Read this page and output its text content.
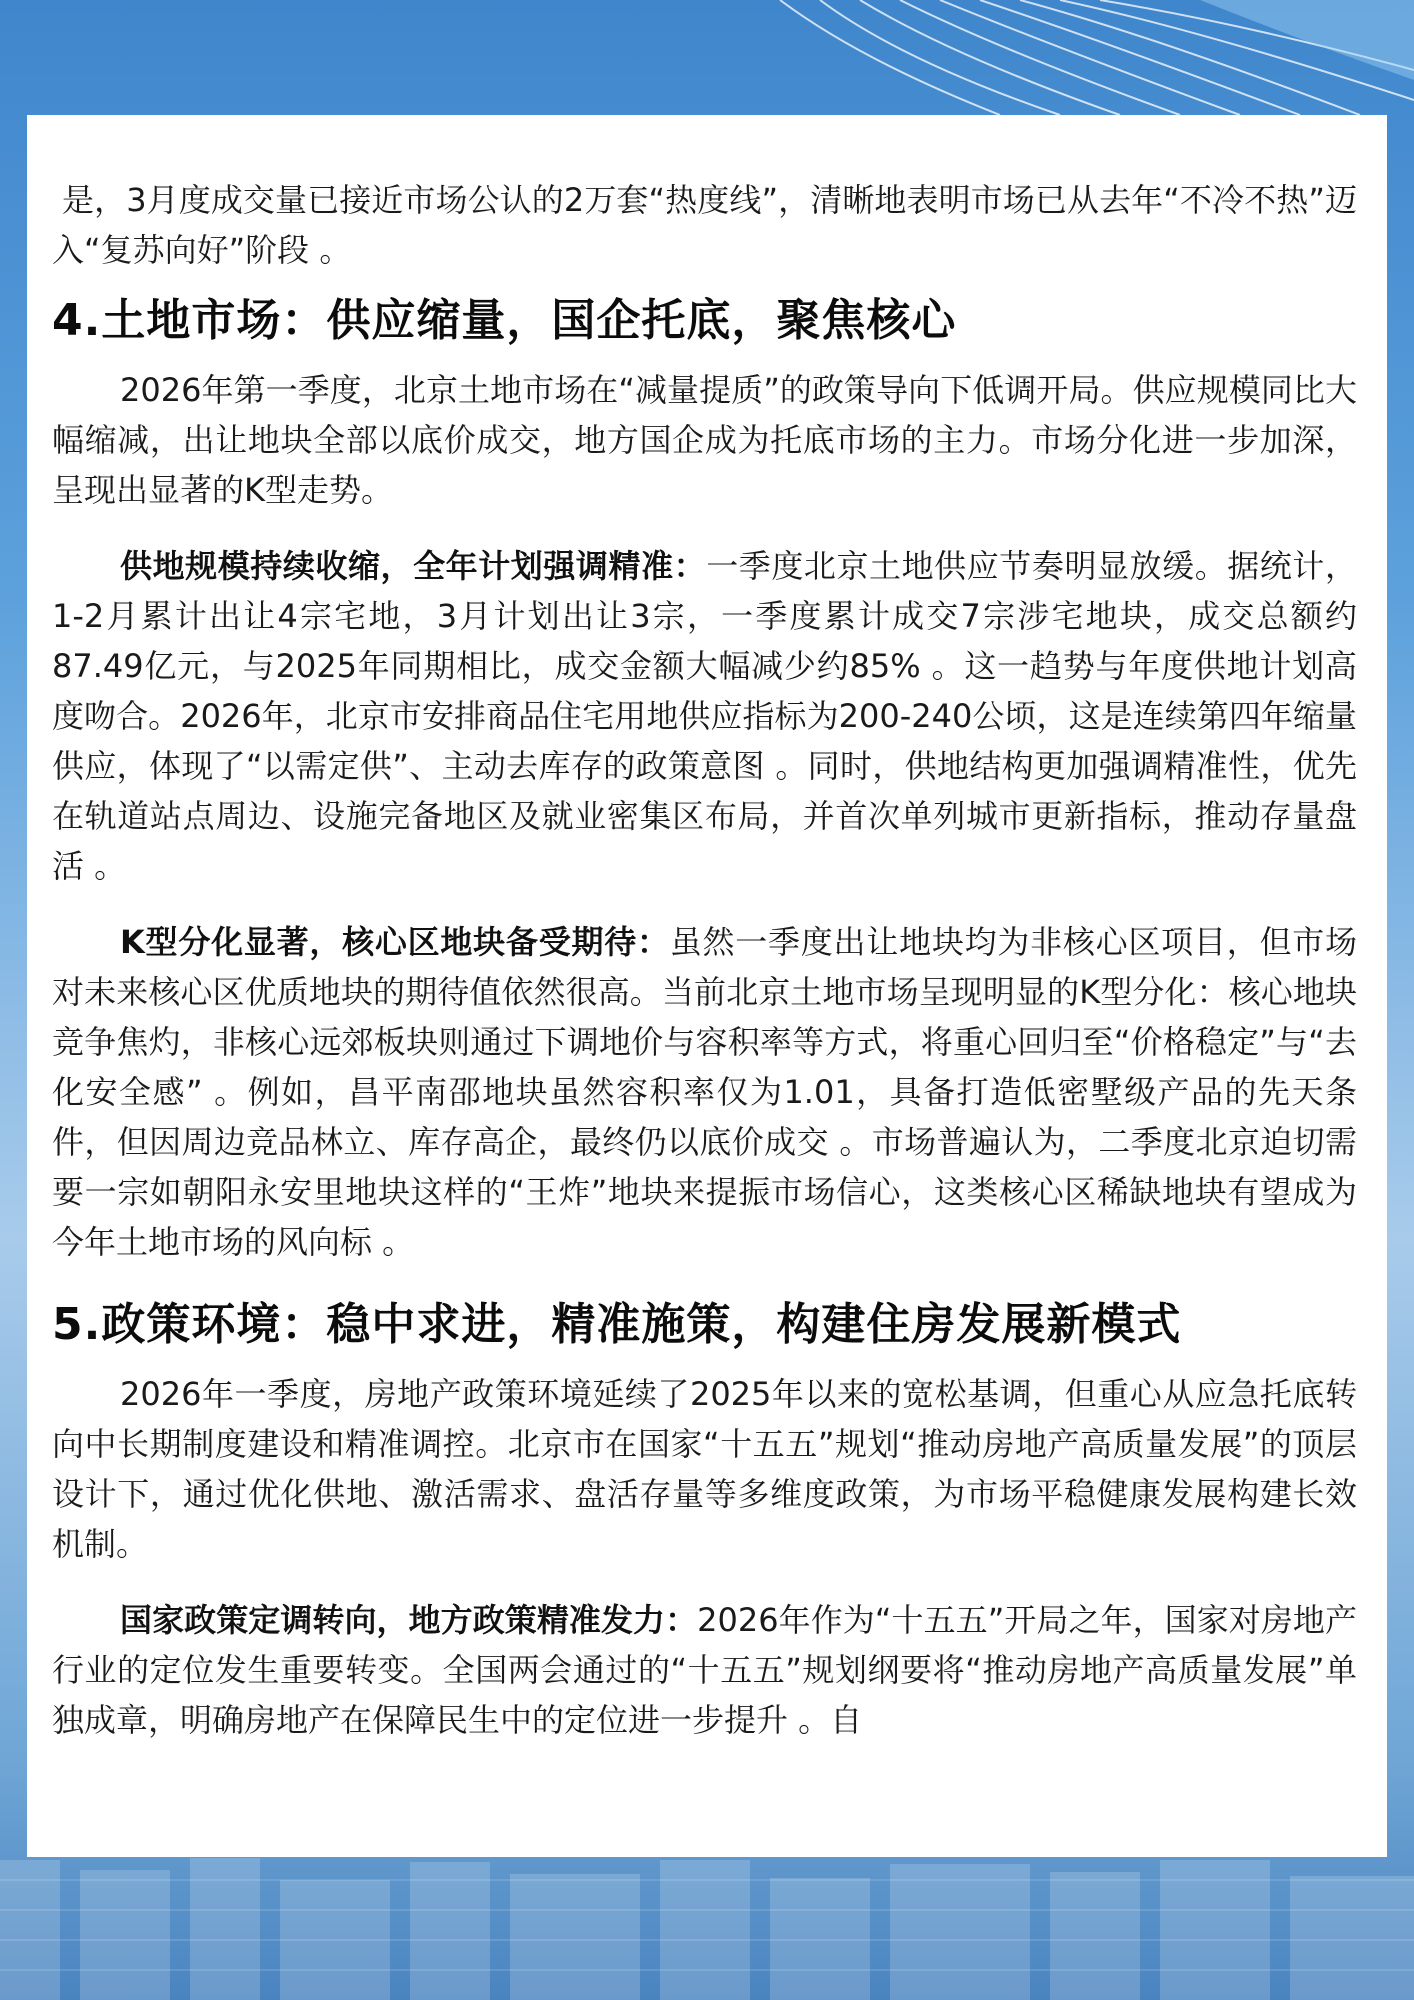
是，3月度成交量已接近市场公认的2万套“热度线”，清晰地表明市场已从去年“不冷不热”迈入“复苏向好”阶段 。

4.土地市场：供应缩量，国企托底，聚焦核心

2026年第一季度，北京土地市场在“减量提质”的政策导向下低调开局。供应规模同比大幅缩减，出让地块全部以底价成交，地方国企成为托底市场的主力。市场分化进一步加深，呈现出显著的K型走势。

供地规模持续收缩，全年计划强调精准：一季度北京土地供应节奏明显放缓。据统计，1-2月累计出让4宗宅地，3月计划出让3宗，一季度累计成交7宗涉宅地块，成交总额约87.49亿元，与2025年同期相比，成交金额大幅减少约85% 。这一趋势与年度供地计划高度吻合。2026年，北京市安排商品住宅用地供应指标为200-240公顷，这是连续第四年缩量供应，体现了“以需定供”、主动去库存的政策意图 。同时，供地结构更加强调精准性，优先在轨道站点周边、设施完备地区及就业密集区布局，并首次单列城市更新指标，推动存量盘活 。

K型分化显著，核心区地块备受期待：虽然一季度出让地块均为非核心区项目，但市场对未来核心区优质地块的期待值依然很高。当前北京土地市场呈现明显的K型分化：核心地块竞争焦灼，非核心远郊板块则通过下调地价与容积率等方式，将重心回归至“价格稳定”与“去化安全感” 。例如，昌平南邵地块虽然容积率仅为1.01，具备打造低密墅级产品的先天条件，但因周边竞品林立、库存高企，最终仍以底价成交 。市场普遍认为，二季度北京迫切需要一宗如朝阳永安里地块这样的“王炸”地块来提振市场信心，这类核心区稀缺地块有望成为今年土地市场的风向标 。

5.政策环境：稳中求进，精准施策，构建住房发展新模式

2026年一季度，房地产政策环境延续了2025年以来的宽松基调，但重心从应急托底转向中长期制度建设和精准调控。北京市在国家“十五五”规划“推动房地产高质量发展”的顶层设计下，通过优化供地、激活需求、盘活存量等多维度政策，为市场平稳健康发展构建长效机制。

国家政策定调转向，地方政策精准发力：2026年作为“十五五”开局之年，国家对房地产行业的定位发生重要转变。全国两会通过的“十五五”规划纲要将“推动房地产高质量发展”单独成章，明确房地产在保障民生中的定位进一步提升 。自
